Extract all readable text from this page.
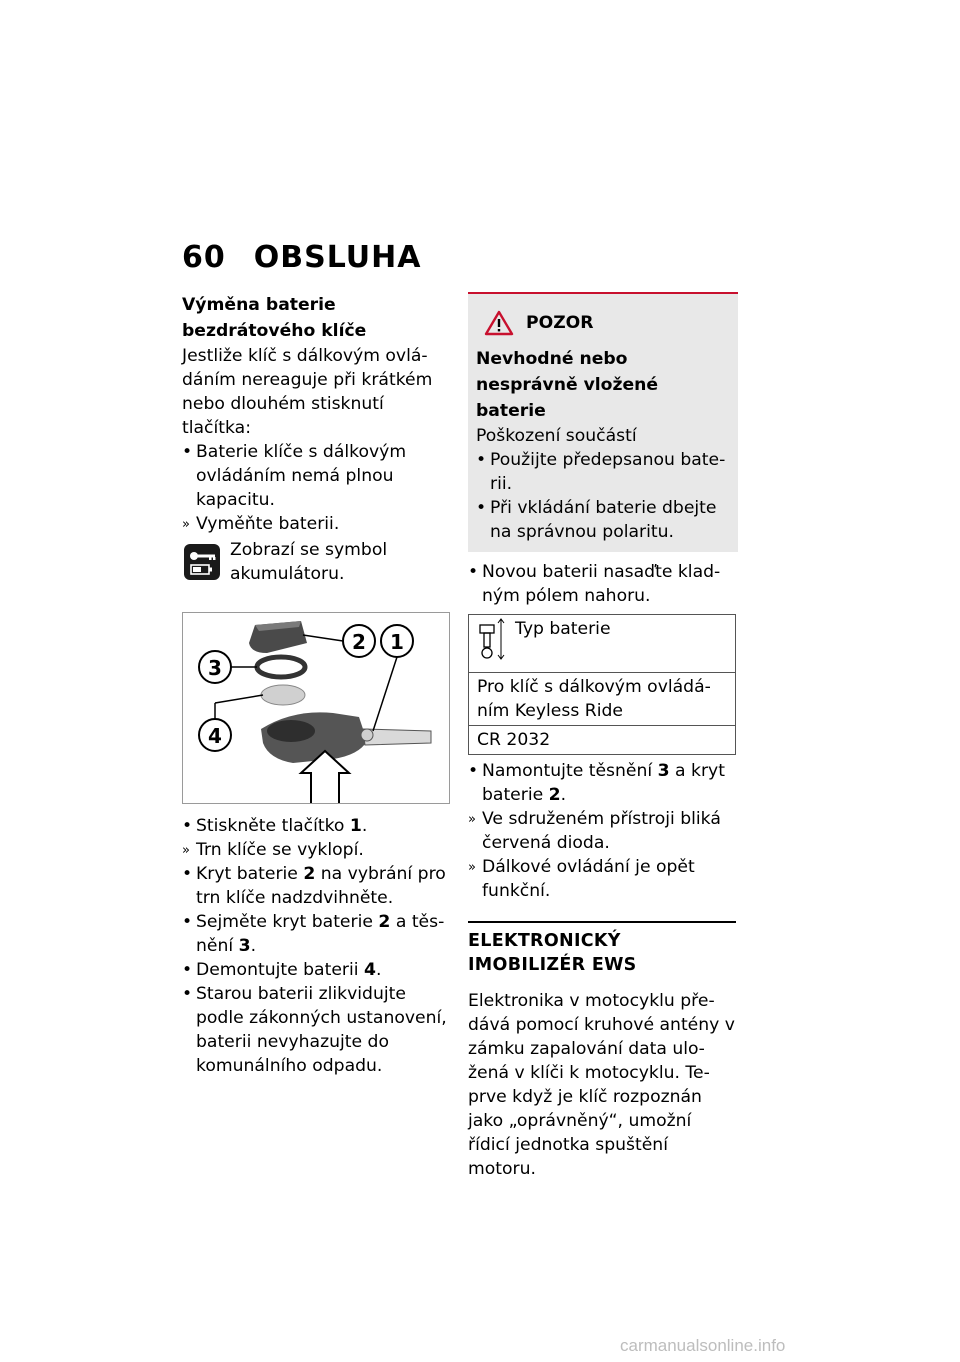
60 OBSLUHA
Výměna baterie bezdrátového klíče

Jestliže klíč s dálkovým ovládáním nereaguje při krátkém nebo dlouhém stisknutí tlačítka:

• Baterie klíče s dálkovým ovládáním nemá plnou kapacitu.
» Vyměňte baterii.
Zobrazí se symbol akumulátoru.
1
2
3
4
• Stiskněte tlačítko 1.
» Trn klíče se vyklopí.
• Kryt baterie 2 na vybrání pro trn klíče nadzdvihněte.
• Sejměte kryt baterie 2 a těsnění 3.
• Demontujte baterii 4.
• Starou baterii zlikvidujte podle zákonných ustanovení, baterii nevyhazujte do komunálního odpadu.
POZOR
Nevhodné nebo nesprávně vložené baterie

Poškození součástí

• Použijte předepsanou baterii.
• Při vkládání baterie dbejte na správnou polaritu.
• Novou baterii nasaďte kladným pólem nahoru.
Typ baterie
Pro klíč s dálkovým ovládáním Keyless Ride
CR 2032
• Namontujte těsnění 3 a kryt baterie 2.
» Ve sdruženém přístroji bliká červená dioda.
» Dálkové ovládání je opět funkční.
ELEKTRONICKÝ IMOBILIZÉR EWS

Elektronika v motocyklu předává pomocí kruhové antény v zámku zapalování data uložená v klíči k motocyklu. Teprve když je klíč rozpoznán jako „oprávněný“, umožní řídicí jednotka spuštění motoru.

carmanualsonline.info
